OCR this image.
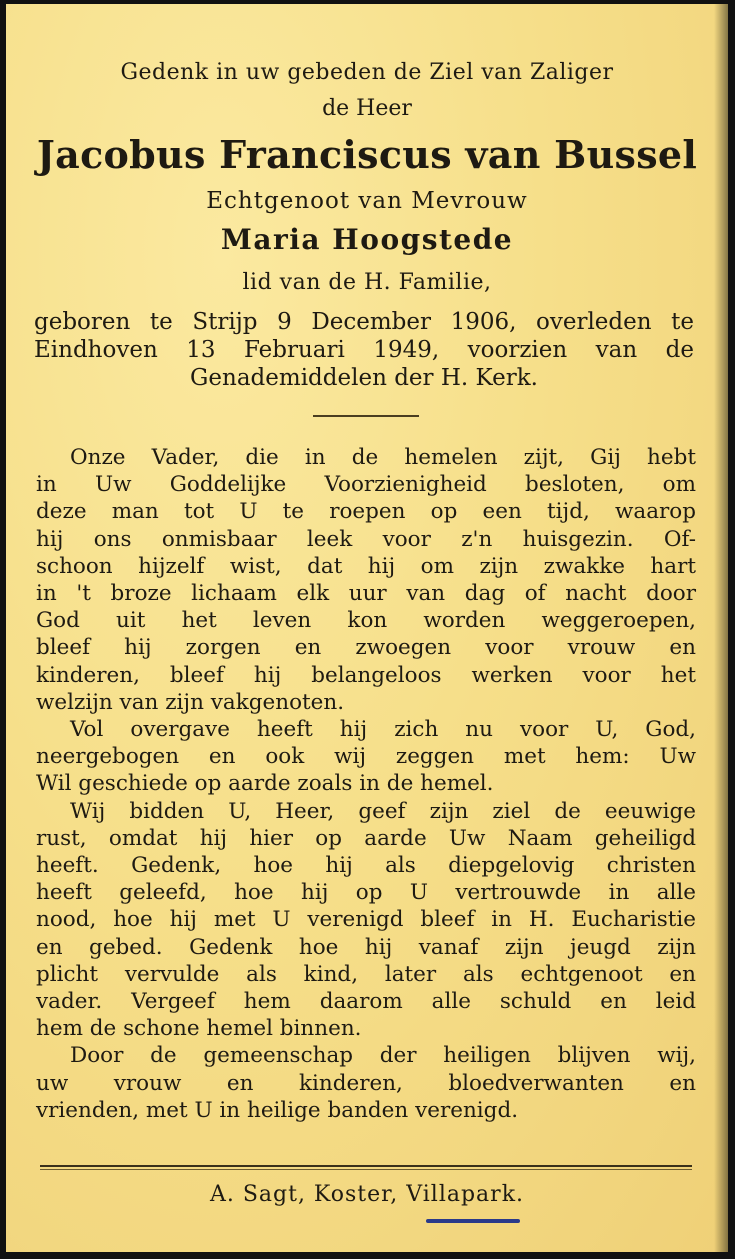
Gedenk in uw gebeden de Ziel van Zaliger
de Heer
Jacobus Franciscus van Bussel
Echtgenoot van Mevrouw
Maria Hoogstede
lid van de H. Familie,
geboren te Strijp 9 December 1906, overleden te
Eindhoven 13 Februari 1949, voorzien van de
Genademiddelen der H. Kerk.
Onze Vader, die in de hemelen zijt, Gij hebt
in Uw Goddelijke Voorzienigheid besloten, om
deze man tot U te roepen op een tijd, waarop
hij ons onmisbaar leek voor z'n huisgezin. Of-
schoon hijzelf wist, dat hij om zijn zwakke hart
in 't broze lichaam elk uur van dag of nacht door
God uit het leven kon worden weggeroepen,
bleef hij zorgen en zwoegen voor vrouw en
kinderen, bleef hij belangeloos werken voor het
welzijn van zijn vakgenoten.
Vol overgave heeft hij zich nu voor U, God,
neergebogen en ook wij zeggen met hem: Uw
Wil geschiede op aarde zoals in de hemel.
Wij bidden U, Heer, geef zijn ziel de eeuwige
rust, omdat hij hier op aarde Uw Naam geheiligd
heeft. Gedenk, hoe hij als diepgelovig christen
heeft geleefd, hoe hij op U vertrouwde in alle
nood, hoe hij met U verenigd bleef in H. Eucharistie
en gebed. Gedenk hoe hij vanaf zijn jeugd zijn
plicht vervulde als kind, later als echtgenoot en
vader. Vergeef hem daarom alle schuld en leid
hem de schone hemel binnen.
Door de gemeenschap der heiligen blijven wij,
uw vrouw en kinderen, bloedverwanten en
vrienden, met U in heilige banden verenigd.
A. Sagt, Koster, Villapark.
